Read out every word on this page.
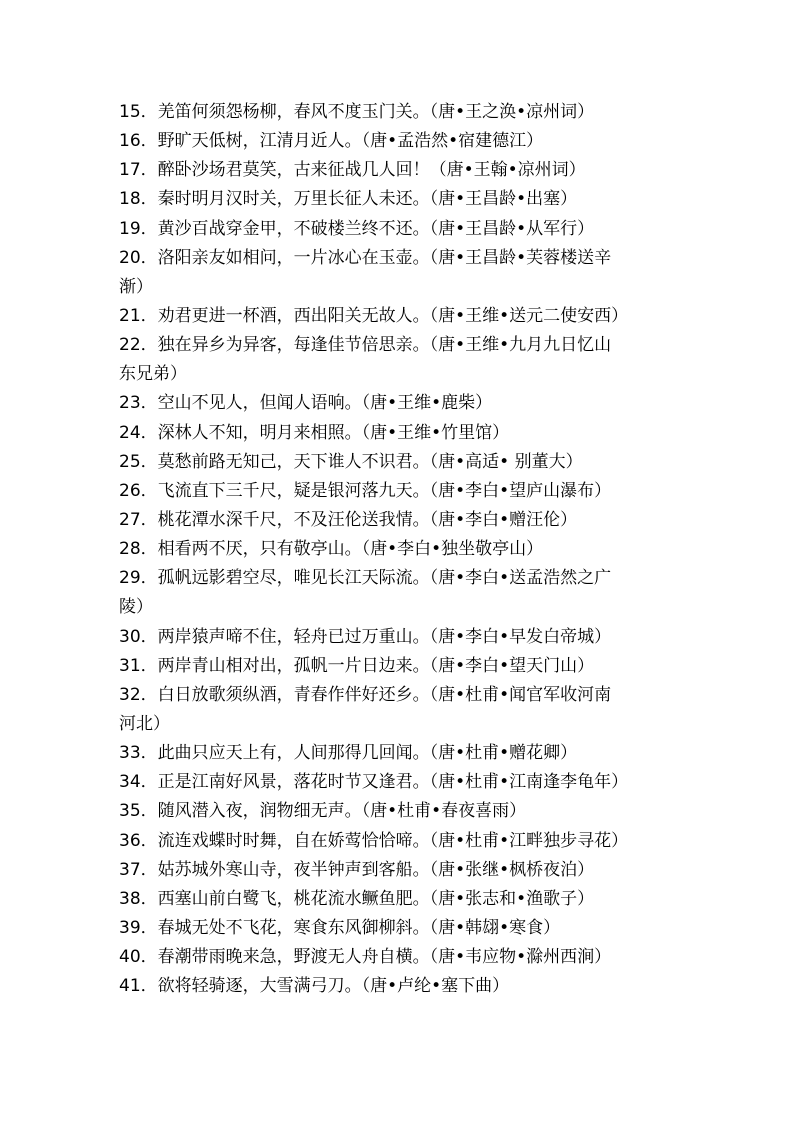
15．羌笛何须怨杨柳，春风不度玉门关。（唐•王之涣•凉州词）
16．野旷天低树，江清月近人。（唐•孟浩然•宿建德江）
17．醉卧沙场君莫笑，古来征战几人回！（唐•王翰•凉州词）
18．秦时明月汉时关，万里长征人未还。（唐•王昌龄•出塞）
19．黄沙百战穿金甲，不破楼兰终不还。（唐•王昌龄•从军行）
20．洛阳亲友如相问，一片冰心在玉壶。（唐•王昌龄•芙蓉楼送辛
渐）
21．劝君更进一杯酒，西出阳关无故人。（唐•王维•送元二使安西）
22．独在异乡为异客，每逢佳节倍思亲。（唐•王维•九月九日忆山
东兄弟）
23．空山不见人，但闻人语响。（唐•王维•鹿柴）
24．深林人不知，明月来相照。（唐•王维•竹里馆）
25．莫愁前路无知己，天下谁人不识君。（唐•高适• 别董大）
26．飞流直下三千尺，疑是银河落九天。（唐•李白•望庐山瀑布）
27．桃花潭水深千尺，不及汪伦送我情。（唐•李白•赠汪伦）
28．相看两不厌，只有敬亭山。（唐•李白•独坐敬亭山）
29．孤帆远影碧空尽，唯见长江天际流。（唐•李白•送孟浩然之广
陵）
30．两岸猿声啼不住，轻舟已过万重山。（唐•李白•早发白帝城）
31．两岸青山相对出，孤帆一片日边来。（唐•李白•望天门山）
32．白日放歌须纵酒，青春作伴好还乡。（唐•杜甫•闻官军收河南
河北）
33．此曲只应天上有，人间那得几回闻。（唐•杜甫•赠花卿）
34．正是江南好风景，落花时节又逢君。（唐•杜甫•江南逢李龟年）
35．随风潜入夜，润物细无声。（唐•杜甫•春夜喜雨）
36．流连戏蝶时时舞，自在娇莺恰恰啼。（唐•杜甫•江畔独步寻花）
37．姑苏城外寒山寺，夜半钟声到客船。（唐•张继•枫桥夜泊）
38．西塞山前白鹭飞，桃花流水鳜鱼肥。（唐•张志和•渔歌子）
39．春城无处不飞花，寒食东风御柳斜。（唐•韩翃•寒食）
40．春潮带雨晚来急，野渡无人舟自横。（唐•韦应物•滁州西涧）
41．欲将轻骑逐，大雪满弓刀。（唐•卢纶•塞下曲）
